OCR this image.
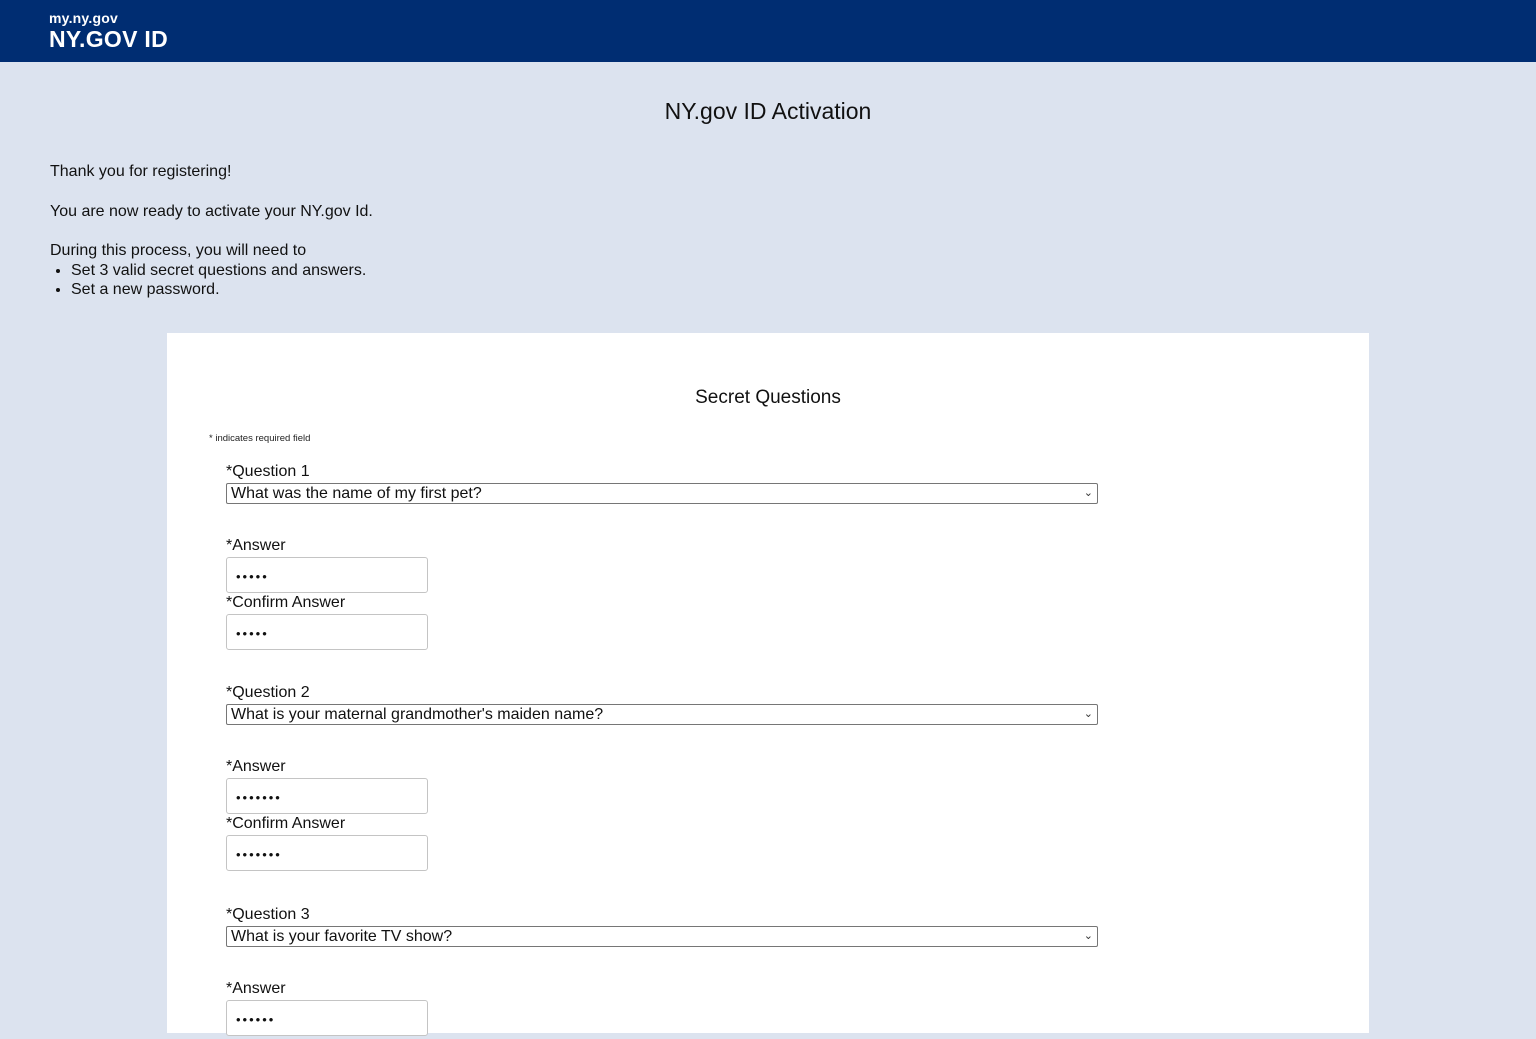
my.ny.gov
NY.GOV ID
NY.gov ID Activation

Thank you for registering!

You are now ready to activate your NY.gov Id.

During this process, you will need to

• Set 3 valid secret questions and answers.
• Set a new password.
Secret Questions
* indicates required field
*Question 1
What was the name of my first pet?	⌄
*Answer
•••••
*Confirm Answer
•••••
*Question 2
What is your maternal grandmother's maiden name?	⌄
*Answer
•••••••
*Confirm Answer
•••••••
*Question 3
What is your favorite TV show?	⌄
*Answer
••••••
